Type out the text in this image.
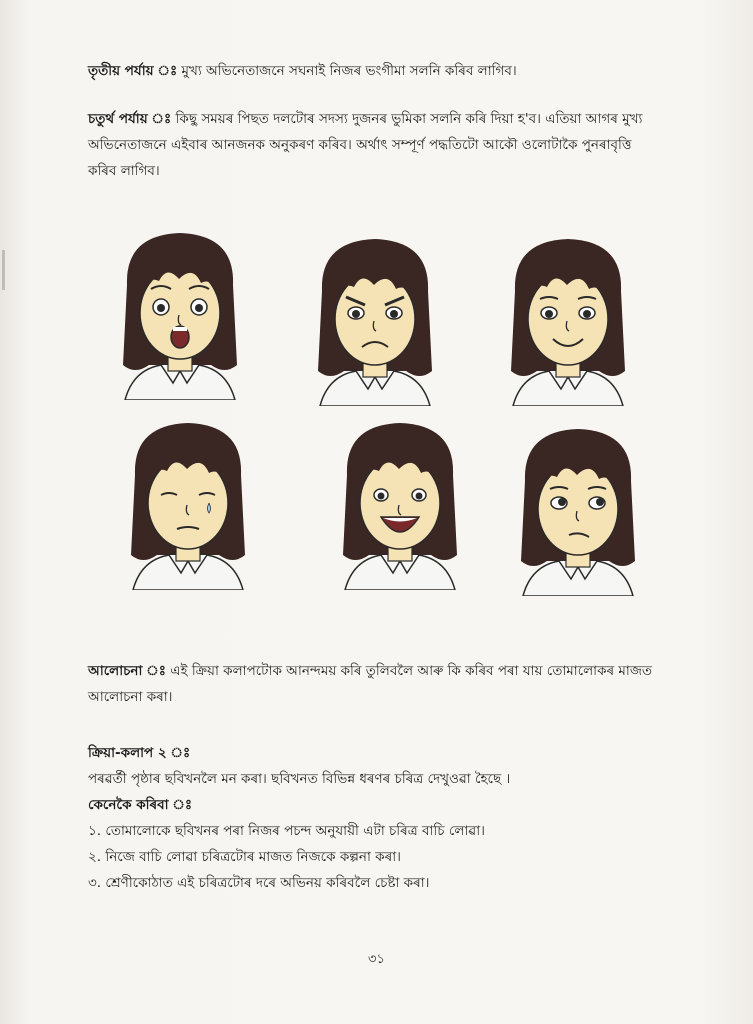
তৃতীয় পৰ্যায় ঃ মুখ্য অভিনেতাজনে সঘনাই নিজৰ ভংগীমা সলনি কৰিব লাগিব।
চতুৰ্থ পৰ্যায় ঃ কিছু সময়ৰ পিছত দলটোৰ সদস্য দুজনৰ ভুমিকা সলনি কৰি দিয়া হ'ব। এতিয়া আগৰ মুখ্য
অভিনেতাজনে এইবাৰ আনজনক অনুকৰণ কৰিব। অৰ্থাৎ সম্পূৰ্ণ পদ্ধতিটো আকৌ ওলোটাকৈ পুনৰাবৃত্তি
কৰিব লাগিব।
আলোচনা ঃ এই ক্ৰিয়া কলাপটোক আনন্দময় কৰি তুলিবলৈ আৰু কি কৰিব পৰা যায় তোমালোকৰ মাজত
আলোচনা কৰা।
ক্ৰিয়া-কলাপ ২ ঃ
পৰৱৰ্তী পৃষ্ঠাৰ ছবিখনলৈ মন কৰা। ছবিখনত বিভিন্ন ধৰণৰ চৰিত্ৰ দেখুওৱা হৈছে ।
কেনেকৈ কৰিবা ঃ
১. তোমালোকে ছবিখনৰ পৰা নিজৰ পচন্দ অনুযায়ী এটা চৰিত্ৰ বাচি লোৱা।
২. নিজে বাচি লোৱা চৰিত্ৰটোৰ মাজত নিজকে কল্পনা কৰা।
৩. শ্ৰেণীকোঠাত এই চৰিত্ৰটোৰ দৰে অভিনয় কৰিবলৈ চেষ্টা কৰা।
৩১
